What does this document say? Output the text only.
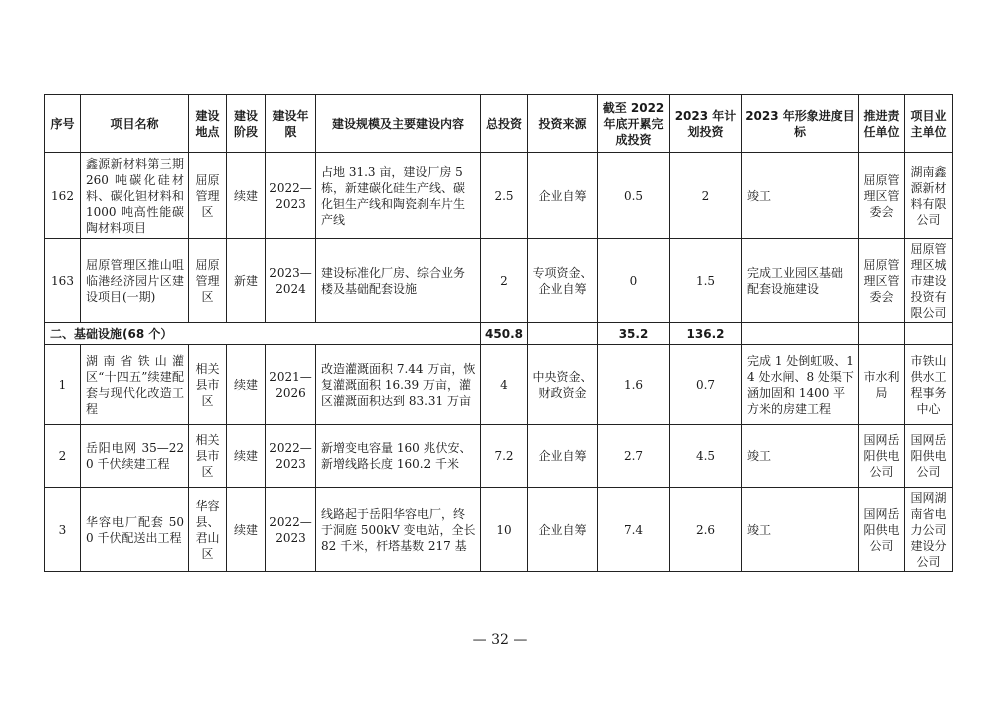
序号	项目名称	建设地点	建设阶段	建设年限	建设规模及主要建设内容	总投资	投资来源	截至 2022 年底开累完成投资	2023 年计划投资	2023 年形象进度目标	推进责任单位	项目业主单位
162	鑫源新材料第三期 260 吨碳化硅材料、碳化钽材料和 1000 吨高性能碳陶材料项目	屈原管理区	续建	2022—2023	占地 31.3 亩，建设厂房 5 栋，新建碳化硅生产线、碳化钽生产线和陶瓷刹车片生产线	2.5	企业自筹	0.5	2	竣工	屈原管理区管委会	湖南鑫源新材料有限公司
163	屈原管理区推山咀临港经济园片区建设项目(一期)	屈原管理区	新建	2023—2024	建设标准化厂房、综合业务楼及基础配套设施	2	专项资金、企业自筹	0	1.5	完成工业园区基础配套设施建设	屈原管理区管委会	屈原管理区城市建设投资有限公司
二、基础设施(68 个）						450.8		35.2	136.2			
1	湖南省铁山灌区“十四五”续建配套与现代化改造工程	相关县市区	续建	2021—2026	改造灌溉面积 7.44 万亩，恢复灌溉面积 16.39 万亩，灌区灌溉面积达到 83.31 万亩	4	中央资金、财政资金	1.6	0.7	完成 1 处倒虹吸、14 处水闸、8 处渠下涵加固和 1400 平方米的房建工程	市水利局	市铁山供水工程事务中心
2	岳阳电网 35—220 千伏续建工程	相关县市区	续建	2022—2023	新增变电容量 160 兆伏安、新增线路长度 160.2 千米	7.2	企业自筹	2.7	4.5	竣工	国网岳阳供电公司	国网岳阳供电公司
3	华容电厂配套 500 千伏配送出工程	华容县、君山区	续建	2022—2023	线路起于岳阳华容电厂，终于洞庭 500kV 变电站，全长 82 千米，杆塔基数 217 基	10	企业自筹	7.4	2.6	竣工	国网岳阳供电公司	国网湖南省电力公司建设分公司
— 32 —
